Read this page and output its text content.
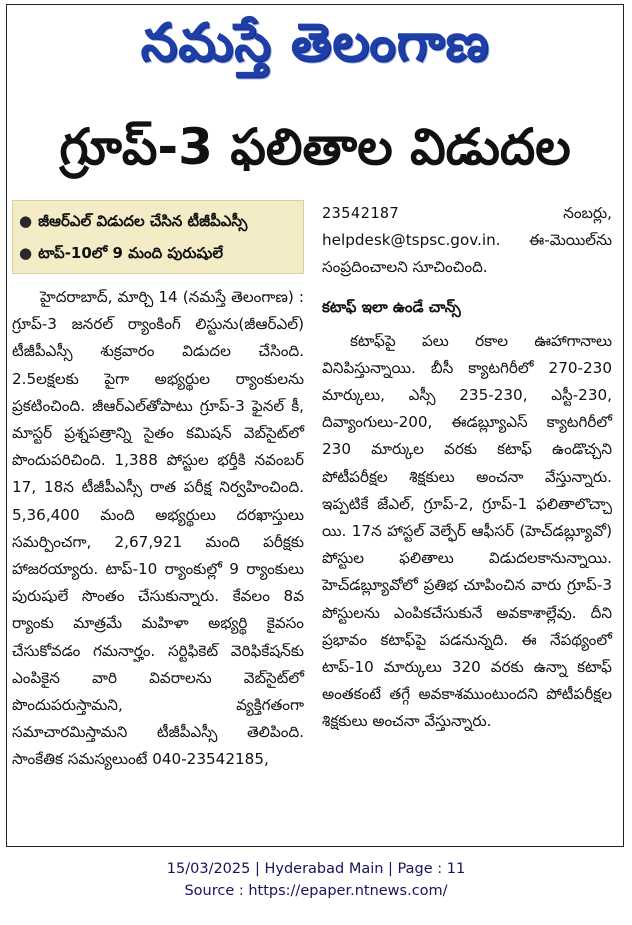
నమస్తే తెలంగాణ
గ్రూప్‌-3 ఫలితాల విడుదల
● జీఆర్‌ఎల్‌ విడుదల చేసిన టీజీపీఎస్సీ
● టాప్‌-10లో 9 మంది పురుషులే

హైదరాబాద్‌, మార్చి 14 (నమస్తే తెలంగాణ) : గ్రూప్‌-3 జనరల్‌ ర్యాంకింగ్‌ లిస్టును(జీఆర్‌ఎల్‌) టీజీపీఎస్సీ శుక్రవారం విడుదల చేసింది. 2.5లక్షలకు పైగా అభ్యర్థుల ర్యాంకులను ప్రకటించింది. జీఆర్‌ఎల్‌తోపాటు గ్రూప్‌-3 ఫైనల్‌ కీ, మాస్టర్‌ ప్రశ్నపత్రాన్ని సైతం కమిషన్‌ వెబ్‌సైట్‌లో పొందుపరిచింది. 1,388 పోస్టుల భర్తీకి నవంబర్‌ 17, 18న టీజీపీఎస్సీ రాత పరీక్ష నిర్వహించింది. 5,36,400 మంది అభ్యర్థులు దరఖాస్తులు సమర్పించగా, 2,67,921 మంది పరీక్షకు హాజరయ్యారు. టాప్‌-10 ర్యాంకుల్లో 9 ర్యాంకులు పురుషులే సొంతం చేసుకున్నారు. కేవలం 8వ ర్యాంకు మాత్రమే మహిళా అభ్యర్థి కైవసం చేసుకోవడం గమనార్హం. సర్టిఫికెట్‌ వెరిఫికేషన్‌కు ఎంపికైన వారి వివరాలను వెబ్‌సైట్‌లో పొందుపరుస్తామని, వ్యక్తిగతంగా సమాచారమిస్తామని టీజీపీఎస్సీ తెలిపింది. సాంకేతిక సమస్యలుంటే 040-23542185,

23542187	నంబర్లు,

helpdesk@tspsc.gov.in. ఈ-మెయిల్‌ను సంప్రదించాలని సూచించింది.

కటాఫ్‌ ఇలా ఉండే చాన్స్‌

కటాఫ్‌పై పలు రకాల ఊహాగానాలు వినిపిస్తున్నాయి. బీసీ క్యాటగిరీలో 270-230 మార్కులు, ఎస్సీ 235-230, ఎస్టీ-230, దివ్యాంగులు-200, ఈడబ్ల్యూఎస్‌ క్యాటగిరీలో 230 మార్కుల వరకు కటాఫ్‌ ఉండొచ్చని పోటీపరీక్షల శిక్షకులు అంచనా వేస్తున్నారు. ఇప్పటికే జేఎల్‌, గ్రూప్‌-2, గ్రూప్‌-1 ఫలితాలొచ్చా యి. 17న హాస్టల్‌ వెల్ఫేర్‌ ఆఫీసర్‌ (హెచ్‌డబ్ల్యూవో) పోస్టుల ఫలితాలు విడుదలకానున్నాయి. హెచ్‌డబ్ల్యూవోలో ప్రతిభ చూపించిన వారు గ్రూప్‌-3 పోస్టులను ఎంపికచేసుకునే అవకాశాల్లేవు. దీని ప్రభావం కటాఫ్‌పై పడనున్నది. ఈ నేపథ్యంలో టాప్‌-10 మార్కులు 320 వరకు ఉన్నా కటాఫ్‌ అంతకంటే తగ్గే అవకాశముంటుందని పోటీపరీక్షల శిక్షకులు అంచనా వేస్తున్నారు.

15/03/2025 | Hyderabad Main | Page : 11
Source : https://epaper.ntnews.com/
